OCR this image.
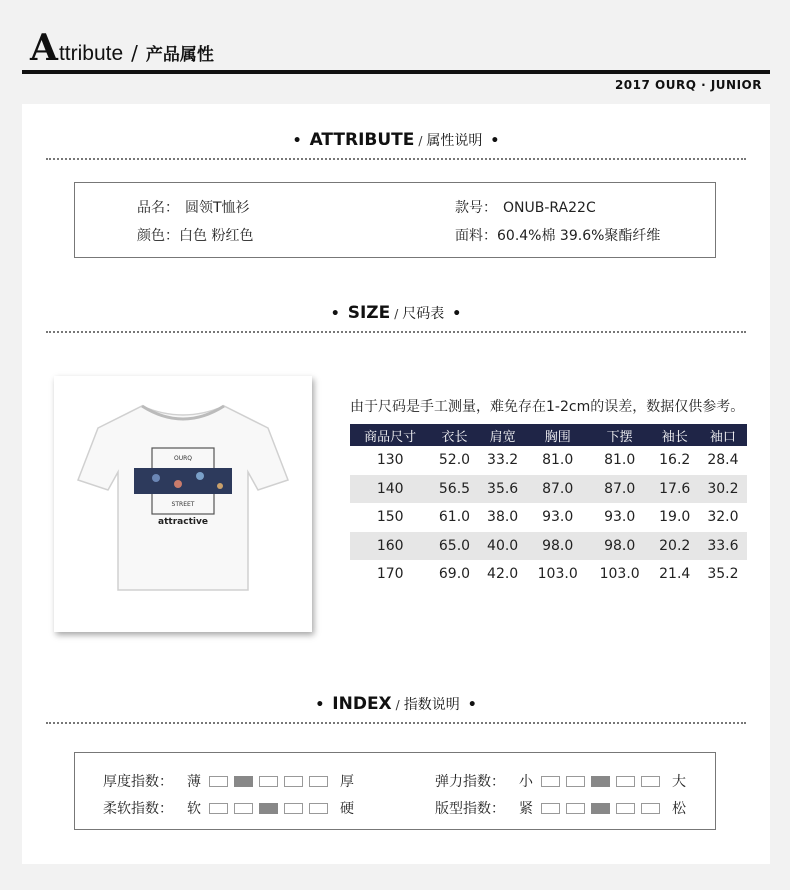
A ttribute / 产品属性
2017 OURQ · JUNIOR
• ATTRIBUTE / 属性说明 •
品名： 圆领T恤衫	款号： ONUB-RA22C
颜色：白色 粉红色	面料：60.4%棉 39.6%聚酯纤维
• SIZE / 尺码表 •
OURQ
STREET
attractive
由于尺码是手工测量，难免存在1-2cm的误差，数据仅供参考。
商品尺寸	衣长	肩宽	胸围	下摆	袖长	袖口
130	52.0	33.2	81.0	81.0	16.2	28.4
140	56.5	35.6	87.0	87.0	17.6	30.2
150	61.0	38.0	93.0	93.0	19.0	32.0
160	65.0	40.0	98.0	98.0	20.2	33.6
170	69.0	42.0	103.0	103.0	21.4	35.2
• INDEX / 指数说明 •
厚度指数：	薄	厚	弹力指数：	小	大
柔软指数：	软	硬	版型指数：	紧	松
